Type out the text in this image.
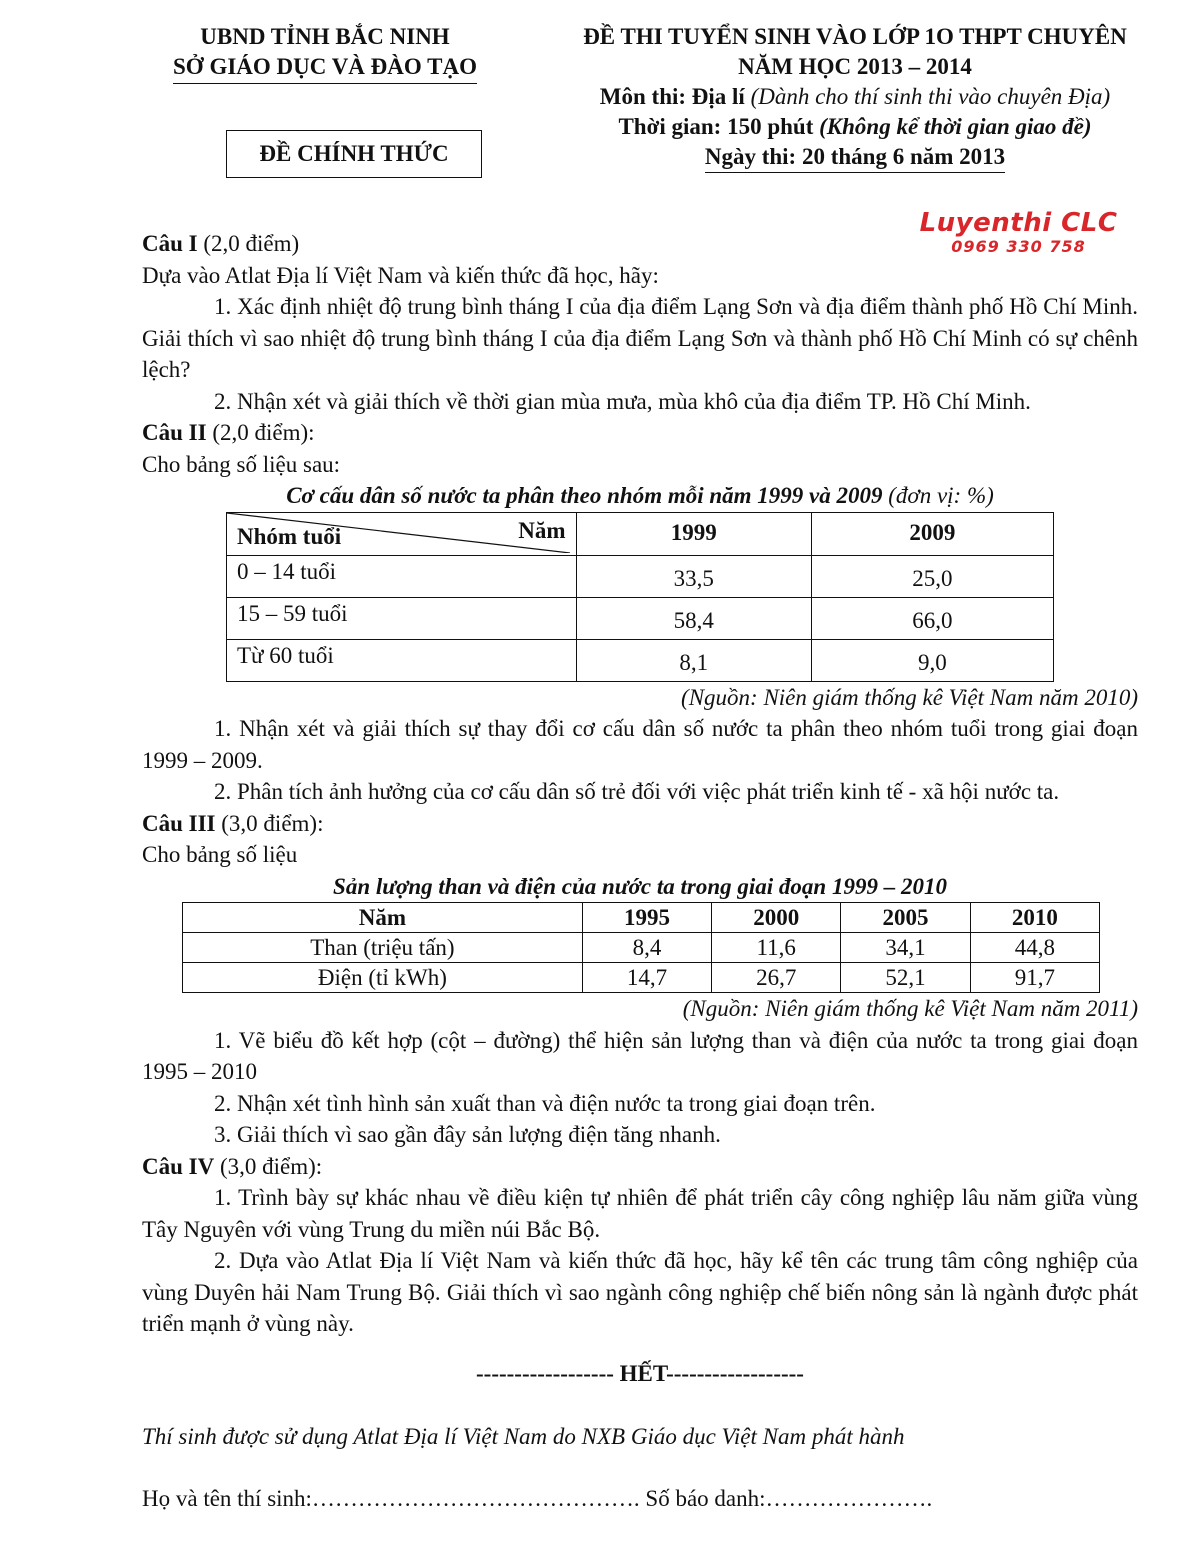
UBND TỈNH BẮC NINH
SỞ GIÁO DỤC VÀ ĐÀO TẠO
ĐỀ CHÍNH THỨC
ĐỀ THI TUYỂN SINH VÀO LỚP 1O THPT CHUYÊN
NĂM HỌC 2013 – 2014
Môn thi: Địa lí (Dành cho thí sinh thi vào chuyên Địa)
Thời gian: 150 phút (Không kể thời gian giao đề)
Ngày thi: 20 tháng 6 năm 2013
Luyenthi CLC
0969 330 758

Câu I (2,0 điểm)

Dựa vào Atlat Địa lí Việt Nam và kiến thức đã học, hãy:

1. Xác định nhiệt độ trung bình tháng I của địa điểm Lạng Sơn và địa điểm thành phố Hồ Chí Minh. Giải thích vì sao nhiệt độ trung bình tháng I của địa điểm Lạng Sơn và thành phố Hồ Chí Minh có sự chênh lệch?

2. Nhận xét và giải thích về thời gian mùa mưa, mùa khô của địa điểm TP. Hồ Chí Minh.

Câu II (2,0 điểm):

Cho bảng số liệu sau:

Cơ cấu dân số nước ta phân theo nhóm mỗi năm 1999 và 2009 (đơn vị: %)

Năm
Nhóm tuổi	1999	2009
0 – 14 tuổi	33,5	25,0
15 – 59 tuổi	58,4	66,0
Từ 60 tuổi	8,1	9,0

(Nguồn: Niên giám thống kê Việt Nam năm 2010)

1. Nhận xét và giải thích sự thay đổi cơ cấu dân số nước ta phân theo nhóm tuổi trong giai đoạn 1999 – 2009.

2. Phân tích ảnh hưởng của cơ cấu dân số trẻ đối với việc phát triển kinh tế - xã hội nước ta.

Câu III (3,0 điểm):

Cho bảng số liệu

Sản lượng than và điện của nước ta trong giai đoạn 1999 – 2010

Năm	1995	2000	2005	2010
Than (triệu tấn)	8,4	11,6	34,1	44,8
Điện (tỉ kWh)	14,7	26,7	52,1	91,7

(Nguồn: Niên giám thống kê Việt Nam năm 2011)

1. Vẽ biểu đồ kết hợp (cột – đường) thể hiện sản lượng than và điện của nước ta trong giai đoạn 1995 – 2010

2. Nhận xét tình hình sản xuất than và điện nước ta trong giai đoạn trên.

3. Giải thích vì sao gần đây sản lượng điện tăng nhanh.

Câu IV (3,0 điểm):

1. Trình bày sự khác nhau về điều kiện tự nhiên để phát triển cây công nghiệp lâu năm giữa vùng Tây Nguyên với vùng Trung du miền núi Bắc Bộ.

2. Dựa vào Atlat Địa lí Việt Nam và kiến thức đã học, hãy kể tên các trung tâm công nghiệp của vùng Duyên hải Nam Trung Bộ. Giải thích vì sao ngành công nghiệp chế biến nông sản là ngành được phát triển mạnh ở vùng này.

------------------ HẾT------------------

Thí sinh được sử dụng Atlat Địa lí Việt Nam do NXB Giáo dục Việt Nam phát hành

Họ và tên thí sinh:……………………………………. Số báo danh:………………….
